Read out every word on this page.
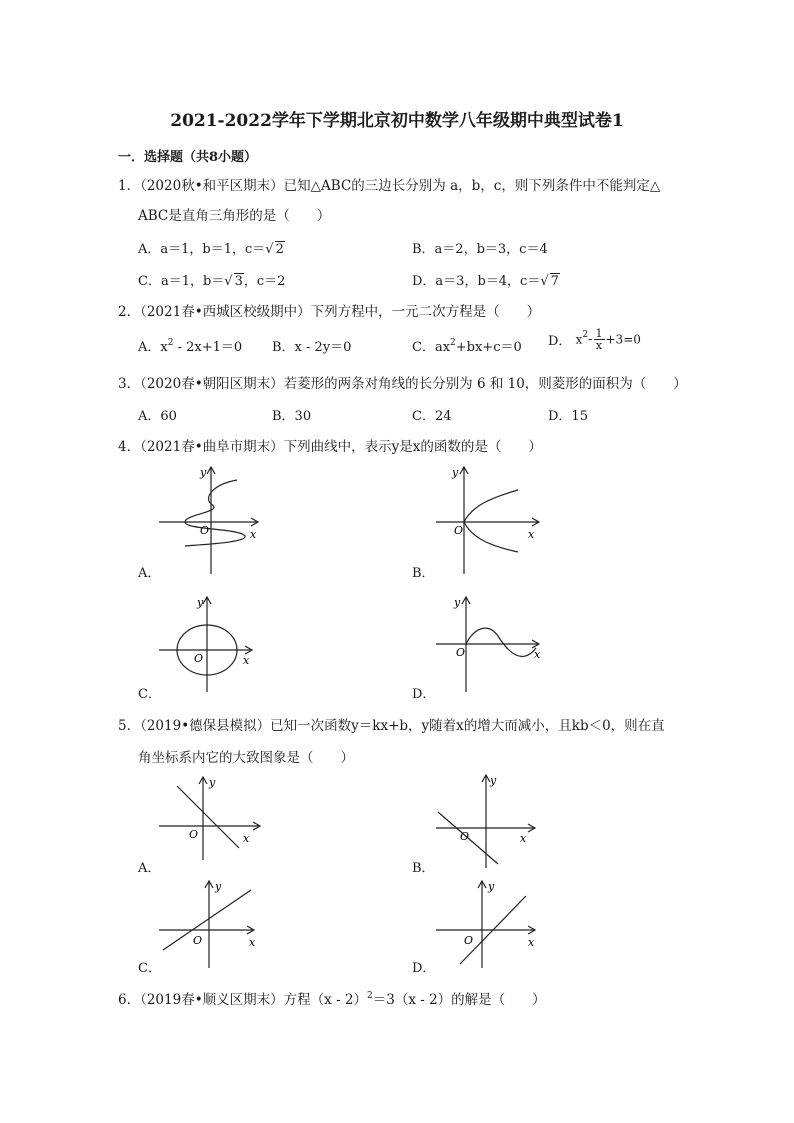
2021-2022学年下学期北京初中数学八年级期中典型试卷1
一．选择题（共8小题）
1．（2020秋•和平区期末）已知△ABC的三边长分别为 a，b，c，则下列条件中不能判定△
ABC是直角三角形的是（　　）
A．a＝1，b＝1，c＝√ 2	B．a＝2，b＝3，c＝4
C．a＝1，b＝√ 3，c＝2	D．a＝3，b＝4，c＝√ 7
2．（2021春•西城区校级期中）下列方程中，一元二次方程是（　　）
A．$x^2 - 2x+1=0$ B．x - 2y＝0	C．$ax^2+bx+c=0$ D． $x^2- \frac{1}{x} +3=0$
3．（2020春•朝阳区期末）若菱形的两条对角线的长分别为 6 和 10，则菱形的面积为（　　）
A．60	B．30	C．24	D．15
4．（2021春•曲阜市期末）下列曲线中，表示y是x的函数的是（　　）
O	x
y
A．
O	x
y
B．
O	x
y
C．
O	x
y
D．
5．（2019•德保县模拟）已知一次函数y＝kx+b，y随着x的增大而减小，且kb＜0，则在直
角坐标系内它的大致图象是（　　）
O	x
y
A．
O	x
y
B．
O	x
y
C．
O	x
y
D．
6．（2019春•顺义区期末）方程（x - 2）$^2$＝3（x - 2）的解是（　　）
